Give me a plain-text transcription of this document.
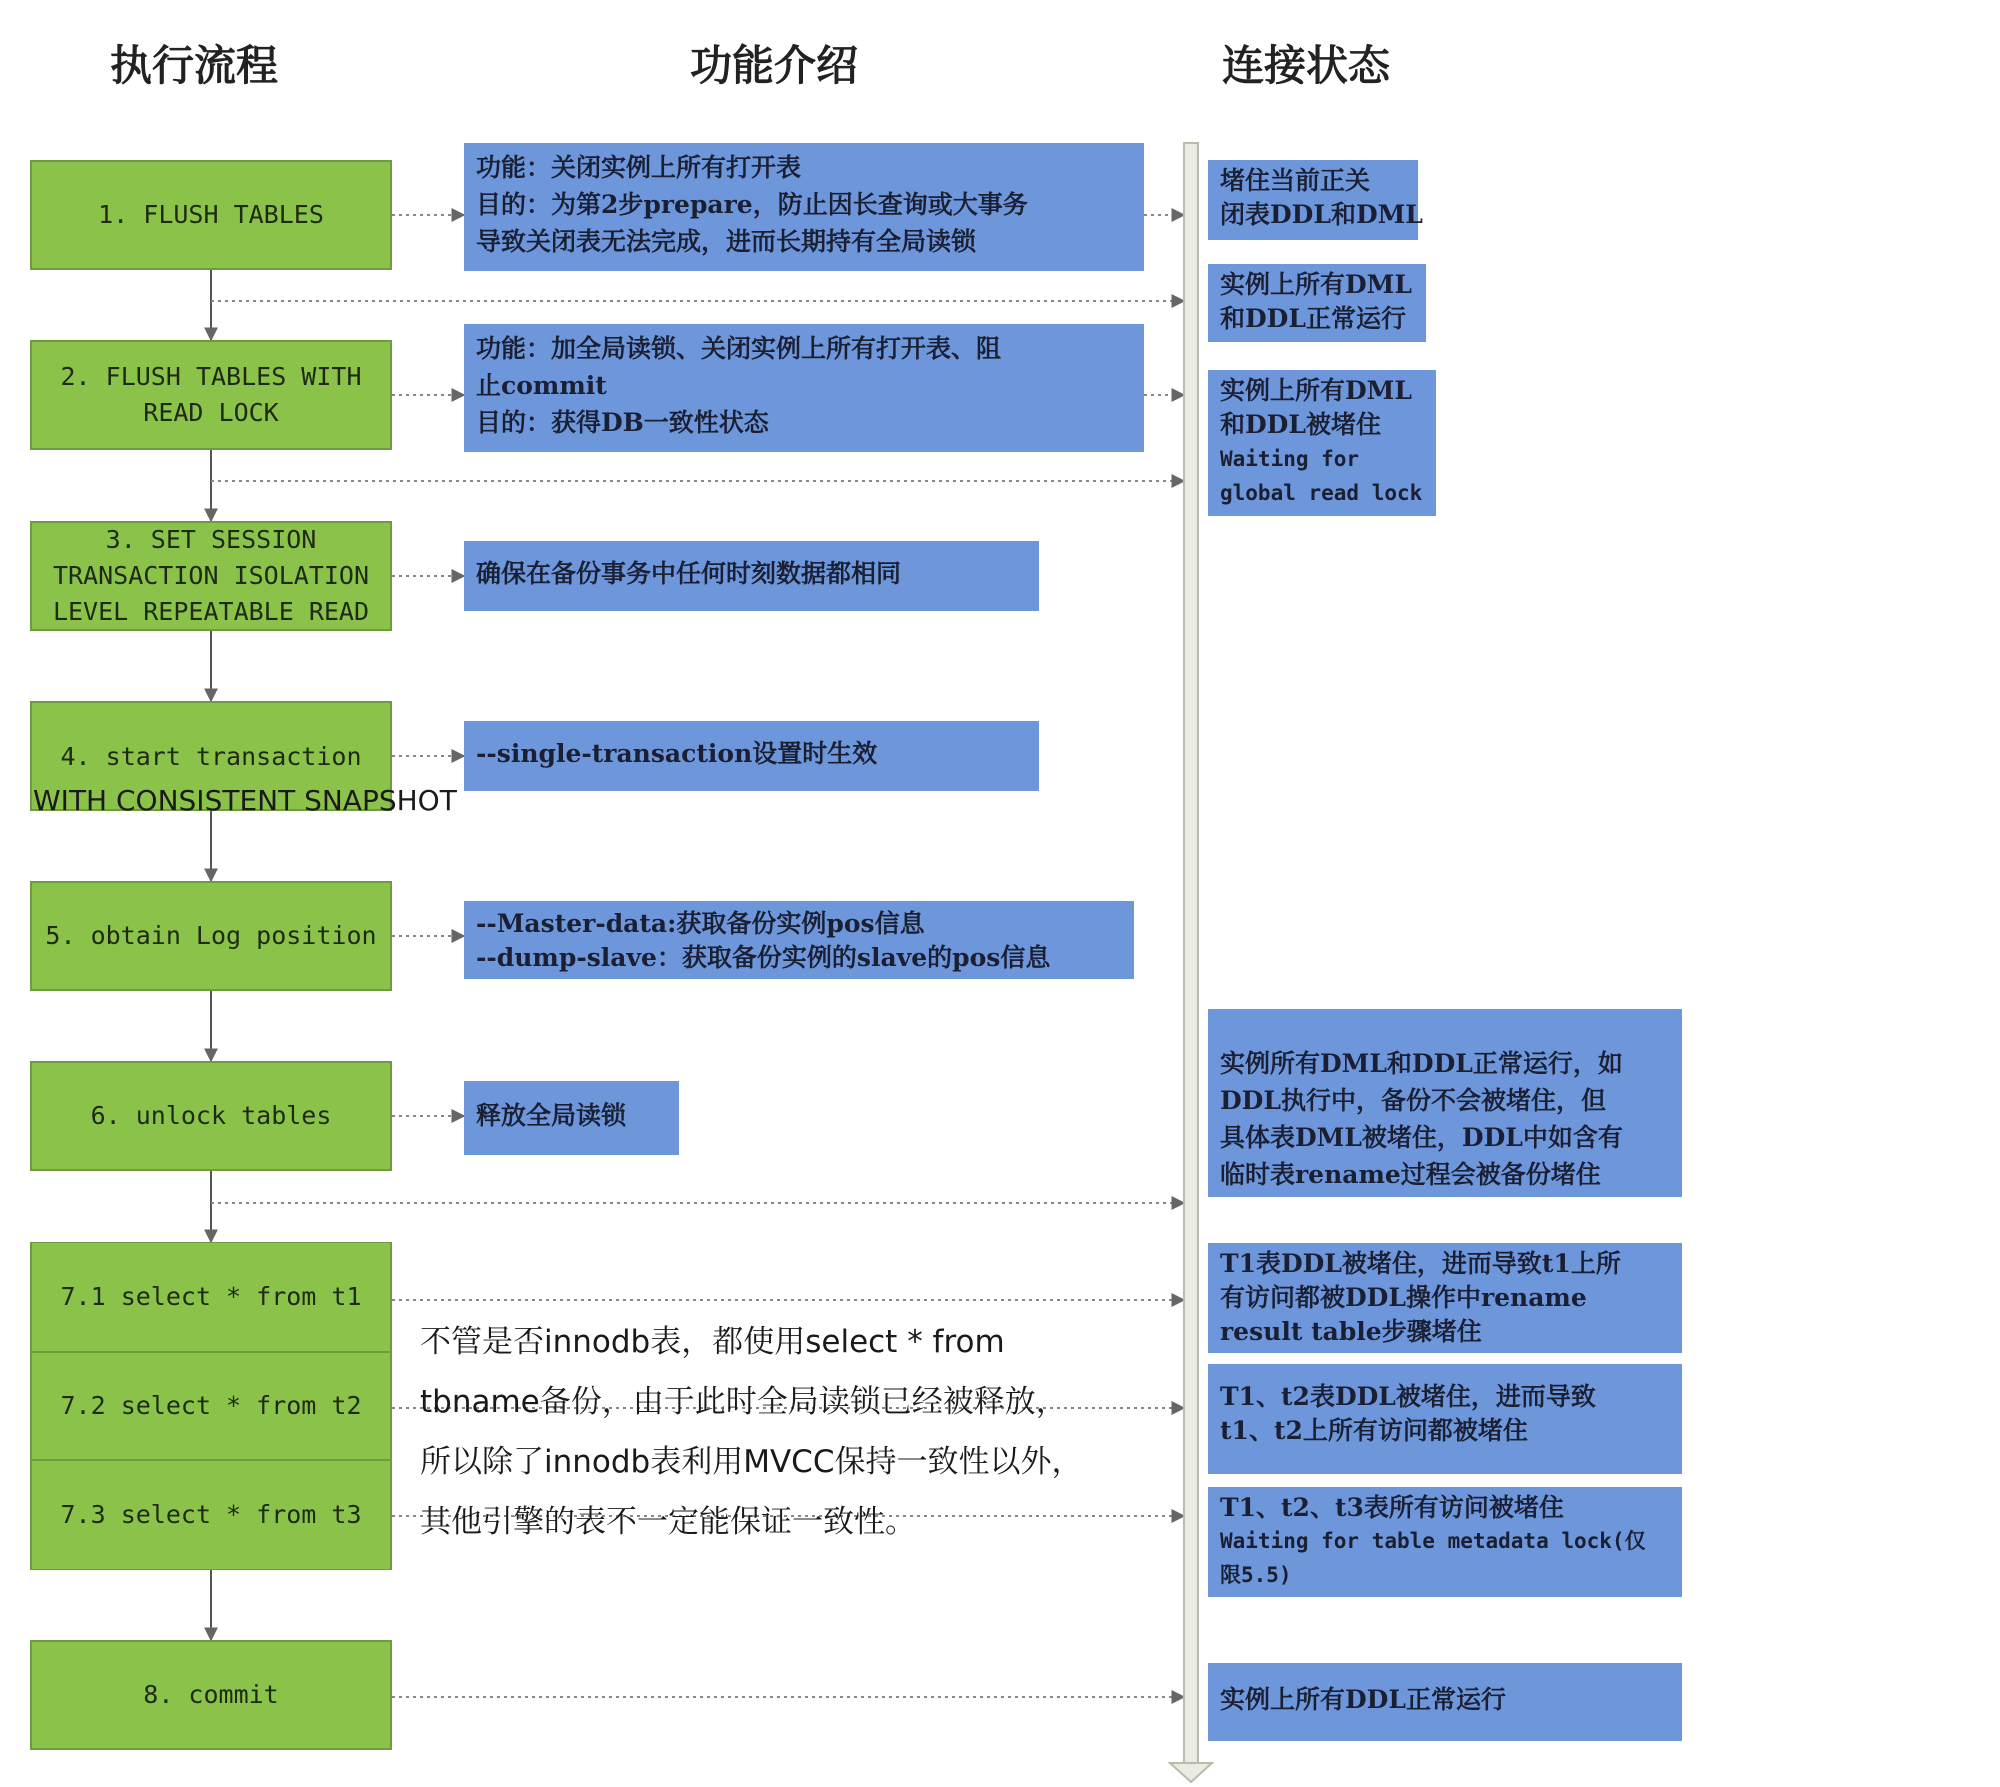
执行流程	功能介绍	连接状态
1. FLUSH TABLES
2. FLUSH TABLES WITH
READ LOCK
3. SET SESSION
TRANSACTION ISOLATION
LEVEL REPEATABLE READ
4. start transaction
WITH CONSISTENT SNAPSHOT
5. obtain Log position
6. unlock tables
7.1 select * from t1
7.2 select * from t2
7.3 select * from t3
8. commit
功能：关闭实例上所有打开表
目的：为第2步prepare，防止因长查询或大事务
导致关闭表无法完成，进而长期持有全局读锁
功能：加全局读锁、关闭实例上所有打开表、阻
止commit
目的：获得DB一致性状态
确保在备份事务中任何时刻数据都相同
--single-transaction设置时生效
--Master-data:获取备份实例pos信息
--dump-slave：获取备份实例的slave的pos信息
释放全局读锁
不管是否innodb表，都使用select * from
tbname备份，由于此时全局读锁已经被释放，
所以除了innodb表利用MVCC保持一致性以外，
其他引擎的表不一定能保证一致性。
堵住当前正关
闭表DDL和DML
实例上所有DML
和DDL正常运行
实例上所有DML
和DDL被堵住
Waiting for
global read lock
实例所有DML和DDL正常运行，如
DDL执行中，备份不会被堵住，但
具体表DML被堵住，DDL中如含有
临时表rename过程会被备份堵住
T1表DDL被堵住，进而导致t1上所
有访问都被DDL操作中rename
result table步骤堵住
T1、t2表DDL被堵住，进而导致
t1、t2上所有访问都被堵住
T1、t2、t3表所有访问被堵住
Waiting for table metadata lock(仅
限5.5)
实例上所有DDL正常运行
